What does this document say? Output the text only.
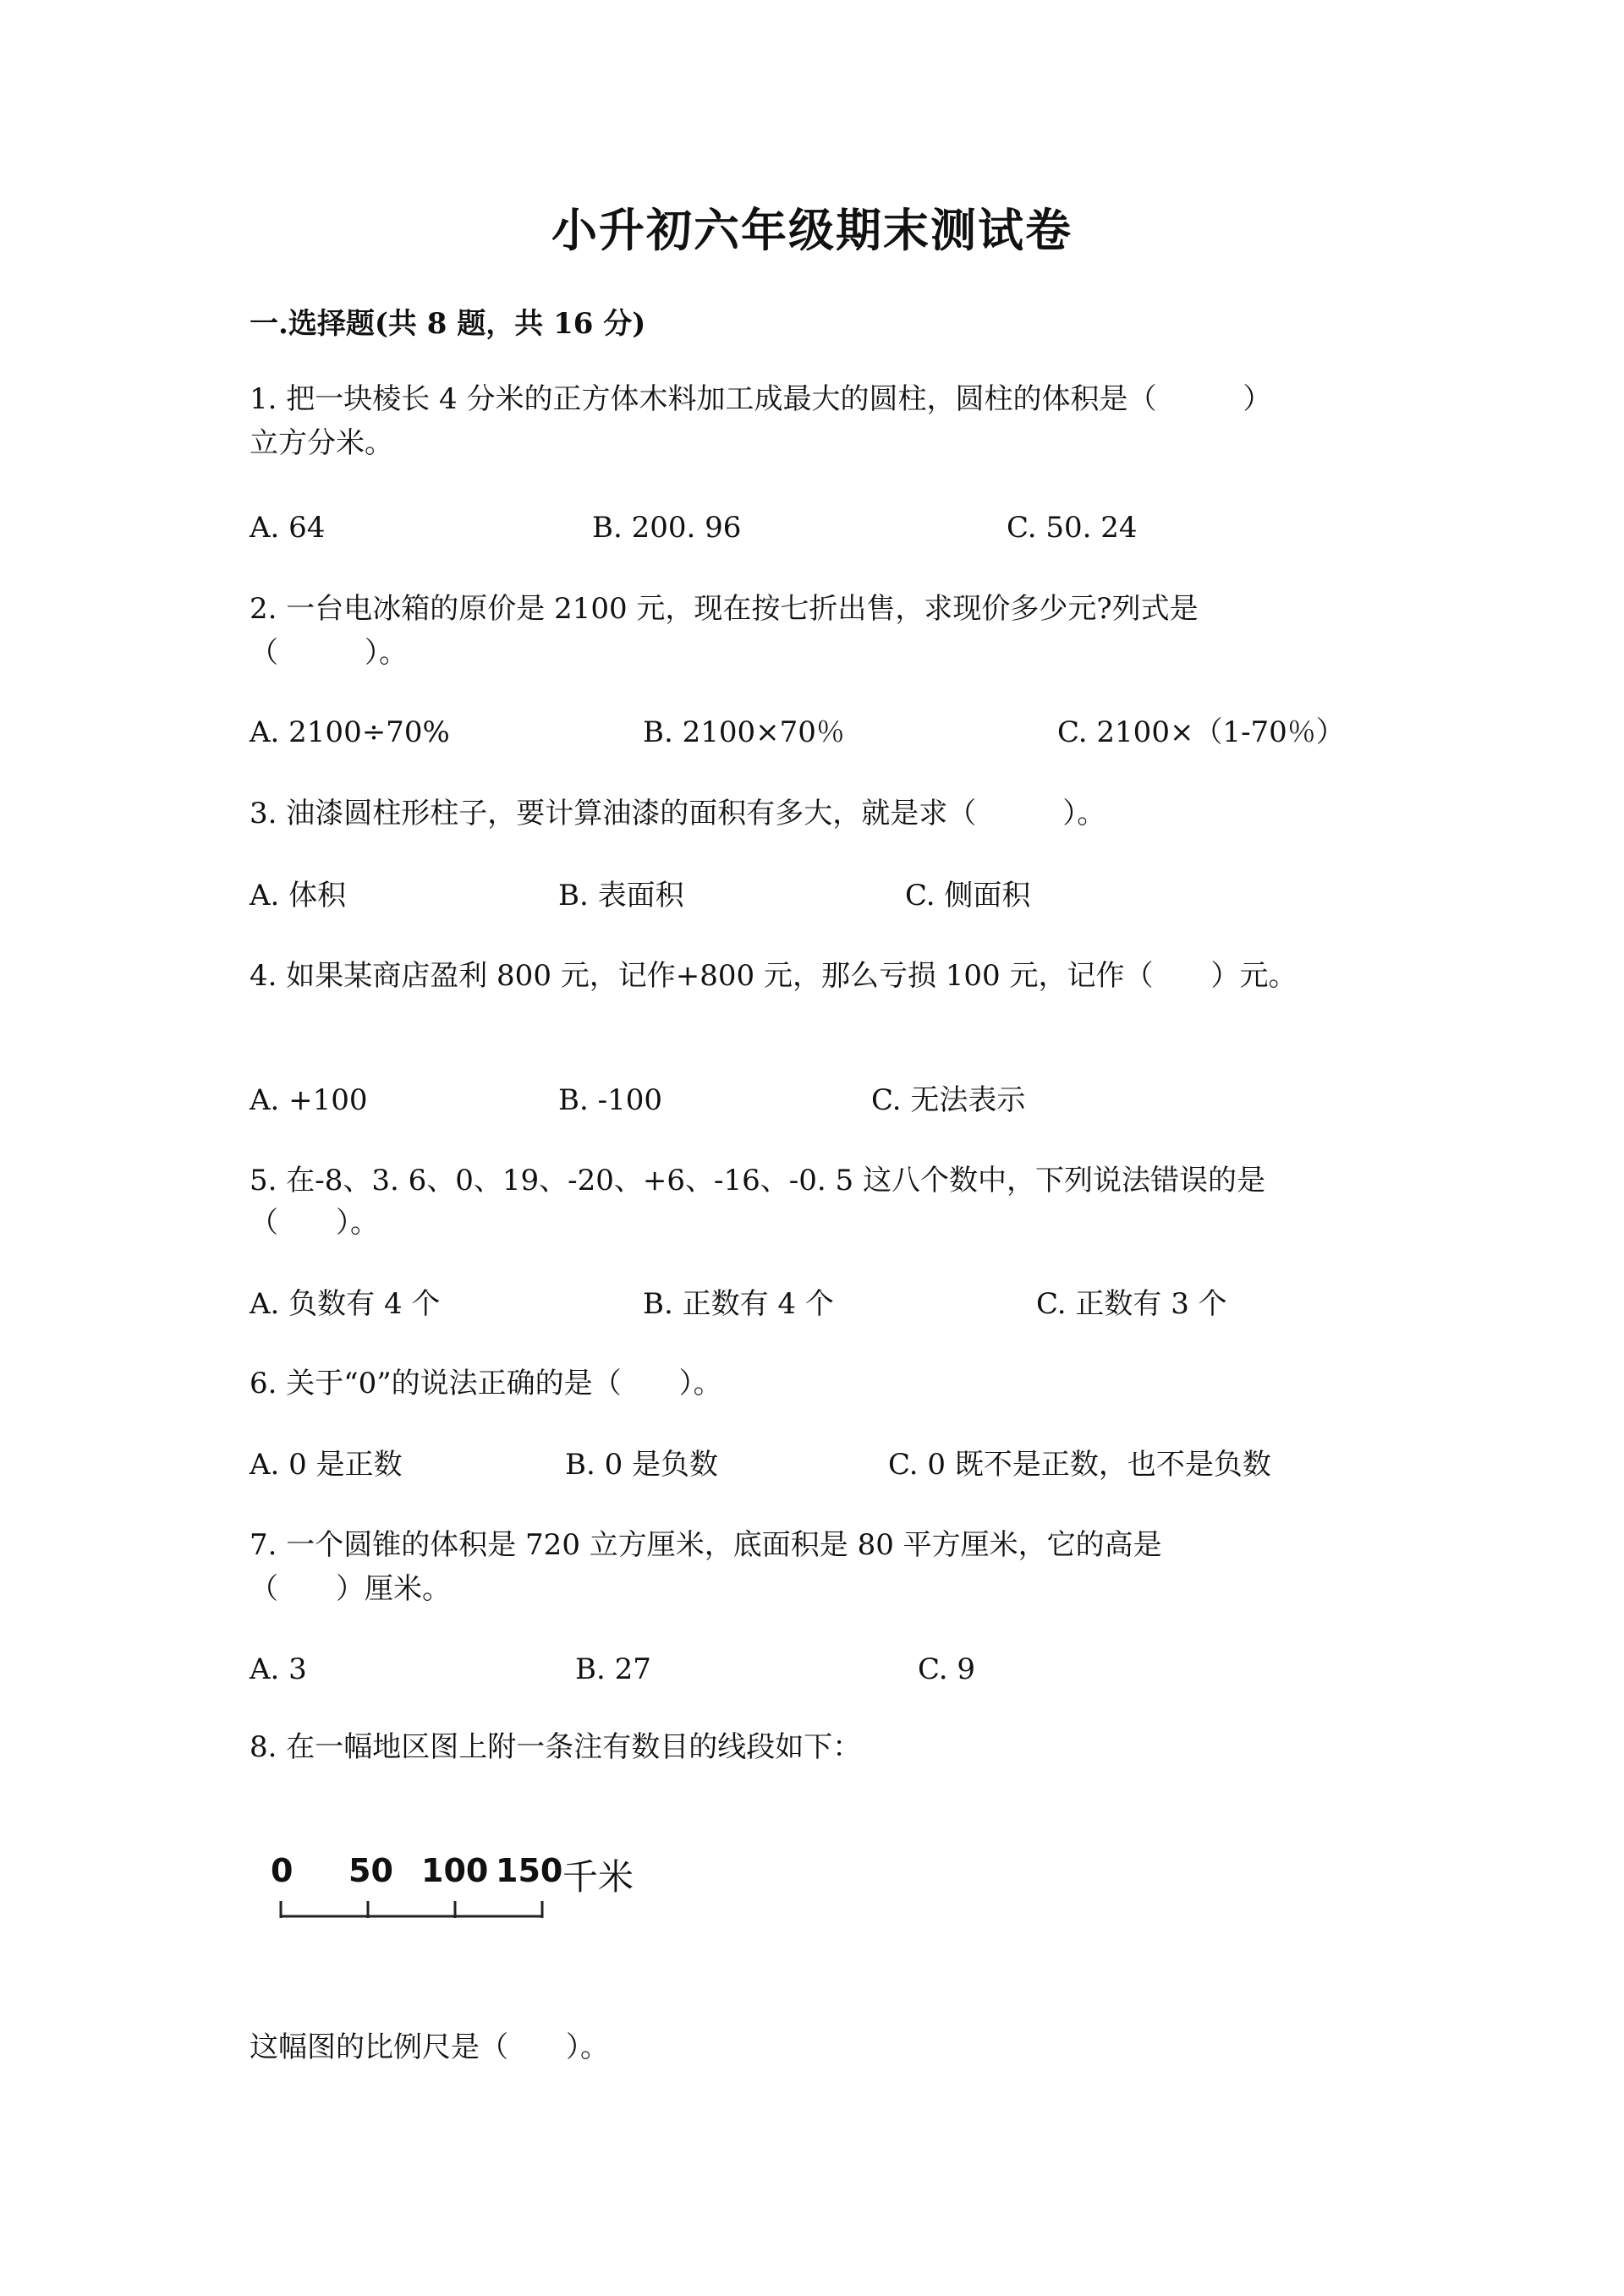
小升初六年级期末测试卷
一.选择题(共 8 题，共 16 分)
1. 把一块棱长 4 分米的正方体木料加工成最大的圆柱，圆柱的体积是（　　　）
立方分米。
A. 64	B. 200. 96	C. 50. 24
2. 一台电冰箱的原价是 2100 元，现在按七折出售，求现价多少元?列式是
（　　　）。
A. 2100÷70%	B. 2100×70％	C. 2100×（1-70％）
3. 油漆圆柱形柱子，要计算油漆的面积有多大，就是求（　　　）。
A. 体积	B. 表面积	C. 侧面积
4. 如果某商店盈利 800 元，记作+800 元，那么亏损 100 元，记作（　　）元。
A. +100	B. -100	C. 无法表示
5. 在-8、3. 6、0、19、-20、+6、-16、-0. 5 这八个数中，下列说法错误的是
（　　）。
A. 负数有 4 个	B. 正数有 4 个	C. 正数有 3 个
6. 关于“0”的说法正确的是（　　）。
A. 0 是正数	B. 0 是负数	C. 0 既不是正数，也不是负数
7. 一个圆锥的体积是 720 立方厘米，底面积是 80 平方厘米，它的高是
（　　）厘米。
A. 3	B. 27	C. 9
8. 在一幅地区图上附一条注有数目的线段如下：
0 50 100 150 千米
这幅图的比例尺是（　　）。
